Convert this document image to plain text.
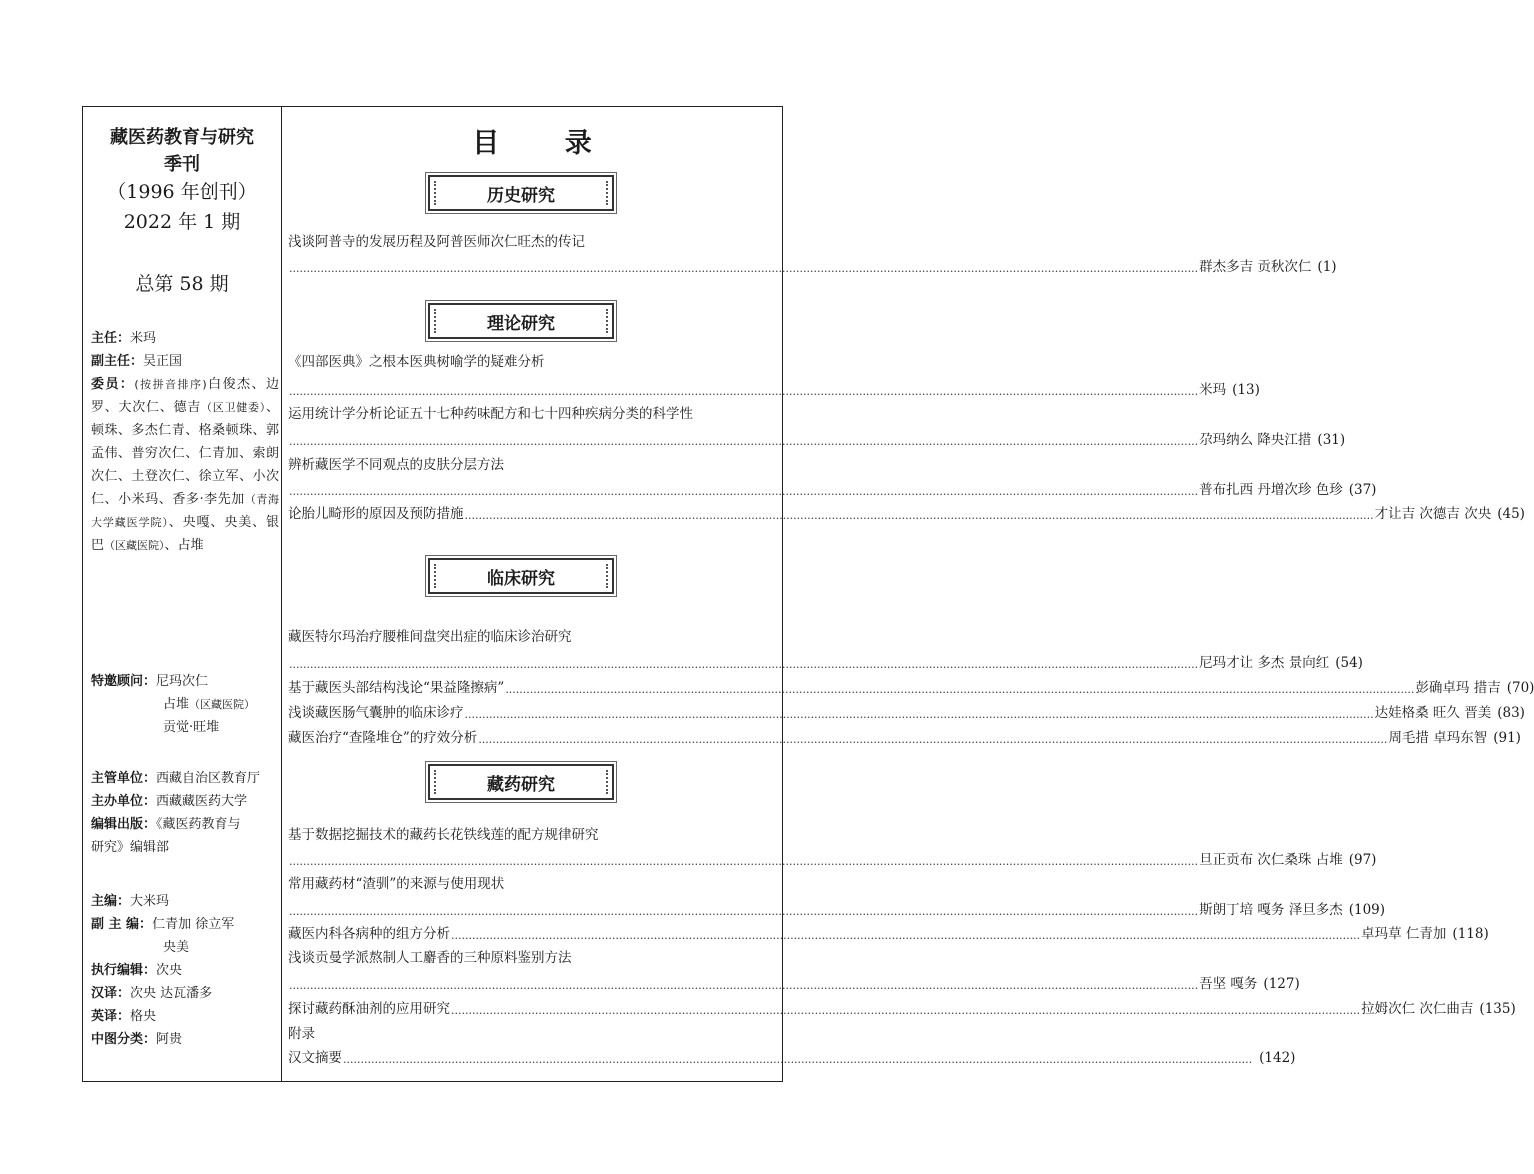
藏医药教育与研究
季刊
（1996 年创刊）
2022 年 1 期
总第 58 期
主任：米玛
副主任：吴正国
委员：(按拼音排序)白俊杰、边罗、大次仁、德吉（区卫健委）、顿珠、多杰仁青、格桑顿珠、郭孟伟、普穷次仁、仁青加、索朗次仁、土登次仁、徐立军、小次仁、小米玛、香多·李先加（青海大学藏医学院）、央嘎、央美、银巴（区藏医院）、占堆
特邀顾问：尼玛次仁
占堆（区藏医院）
贡觉·旺堆
主管单位：西藏自治区教育厅
主办单位：西藏藏医药大学
编辑出版：《藏医药教育与
研究》编辑部
主编：大米玛
副 主 编：仁青加 徐立军
央美
执行编辑：次央
汉译：次央 达瓦潘多
英译：格央
中图分类：阿贵
目 录
历史研究
浅谈阿普寺的发展历程及阿普医师次仁旺杰的传记
.................................................................................................................................................................................................................................................................... 群杰多吉 贡秋次仁 (1)
理论研究
《四部医典》之根本医典树喻学的疑难分析
.................................................................................................................................................................................................................................................................... 米玛 (13)
运用统计学分析论证五十七种药味配方和七十四种疾病分类的科学性
.................................................................................................................................................................................................................................................................... 尕玛纳么 降央江措 (31)
辨析藏医学不同观点的皮肤分层方法
.................................................................................................................................................................................................................................................................... 普布扎西 丹增次珍 色珍 (37)
论胎儿畸形的原因及预防措施 .................................................................................................................................................................................................................................................................... 才让吉 次德吉 次央 (45)
临床研究
藏医特尔玛治疗腰椎间盘突出症的临床诊治研究
.................................................................................................................................................................................................................................................................... 尼玛才让 多杰 景向红 (54)
基于藏医头部结构浅论“果益隆擦病” .................................................................................................................................................................................................................................................................... 彭确卓玛 措吉 (70)
浅谈藏医肠气囊肿的临床诊疗 .................................................................................................................................................................................................................................................................... 达娃格桑 旺久 晋美 (83)
藏医治疗“查隆堆仓”的疗效分析 .................................................................................................................................................................................................................................................................... 周毛措 卓玛东智 (91)
藏药研究
基于数据挖掘技术的藏药长花铁线莲的配方规律研究
.................................................................................................................................................................................................................................................................... 旦正贡布 次仁桑珠 占堆 (97)
常用藏药材“渣驯”的来源与使用现状
.................................................................................................................................................................................................................................................................... 斯朗丁培 嘎务 泽旦多杰 (109)
藏医内科各病种的组方分析 .................................................................................................................................................................................................................................................................... 卓玛草 仁青加 (118)
浅谈贡曼学派熬制人工麝香的三种原料鉴别方法
.................................................................................................................................................................................................................................................................... 吾坚 嘎务 (127)
探讨藏药酥油剂的应用研究 .................................................................................................................................................................................................................................................................... 拉姆次仁 次仁曲吉 (135)
附录
汉文摘要 .................................................................................................................................................................................................................................................................... (142)
